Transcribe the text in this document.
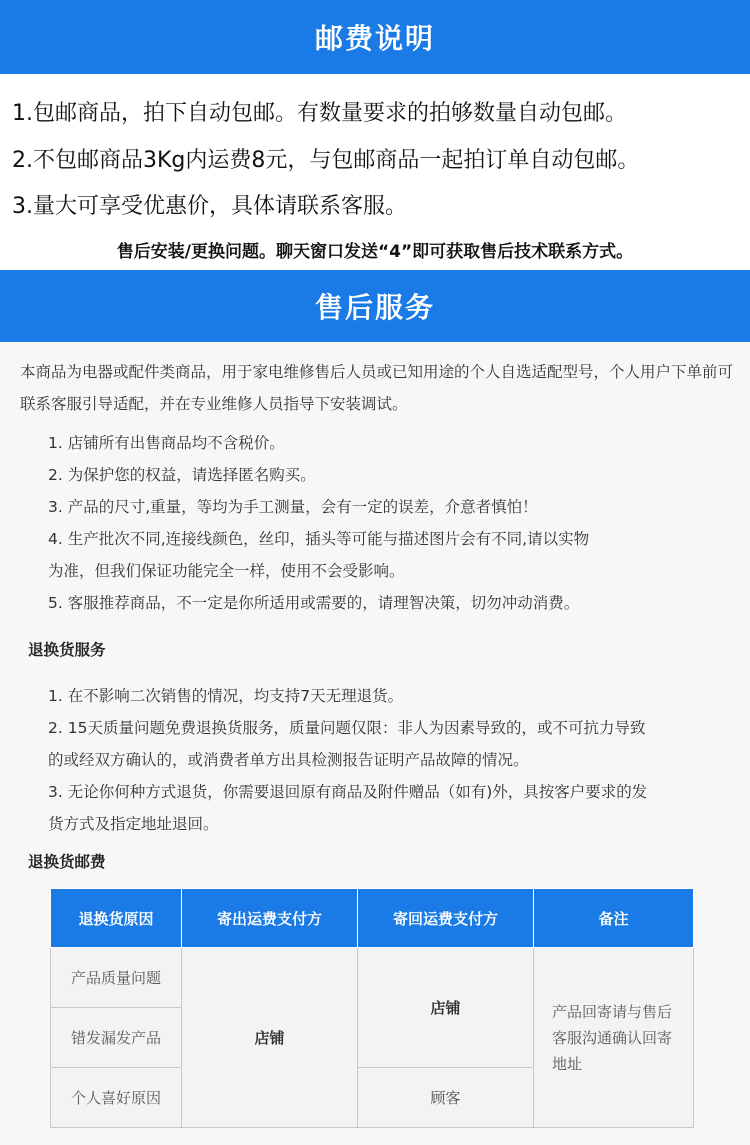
邮费说明
1.包邮商品，拍下自动包邮。有数量要求的拍够数量自动包邮。
2.不包邮商品3Kg内运费8元，与包邮商品一起拍订单自动包邮。
3.量大可享受优惠价，具体请联系客服。
售后安装/更换问题。聊天窗口发送“4”即可获取售后技术联系方式。
售后服务
本商品为电器或配件类商品，用于家电维修售后人员或已知用途的个人自选适配型号，个人用户下单前可联系客服引导适配，并在专业维修人员指导下安装调试。
1. 店铺所有出售商品均不含税价。
2. 为保护您的权益，请选择匿名购买。
3. 产品的尺寸,重量，等均为手工测量，会有一定的误差，介意者慎怕！
4. 生产批次不同,连接线颜色，丝印，插头等可能与描述图片会有不同,请以实物
为准，但我们保证功能完全一样，使用不会受影响。
5. 客服推荐商品，不一定是你所适用或需要的，请理智决策，切勿冲动消费。
退换货服务
1. 在不影响二次销售的情况，均支持7天无理退货。
2. 15天质量问题免费退换货服务，质量问题仅限：非人为因素导致的，或不可抗力导致
的或经双方确认的，或消费者单方出具检测报告证明产品故障的情况。
3. 无论你何种方式退货，你需要退回原有商品及附件赠品（如有)外，具按客户要求的发
货方式及指定地址退回。
退换货邮费
退换货原因	寄出运费支付方	寄回运费支付方	备注
产品质量问题	店铺	店铺	产品回寄请与售后客服沟通确认回寄地址
错发漏发产品			
个人喜好原因		顾客	
